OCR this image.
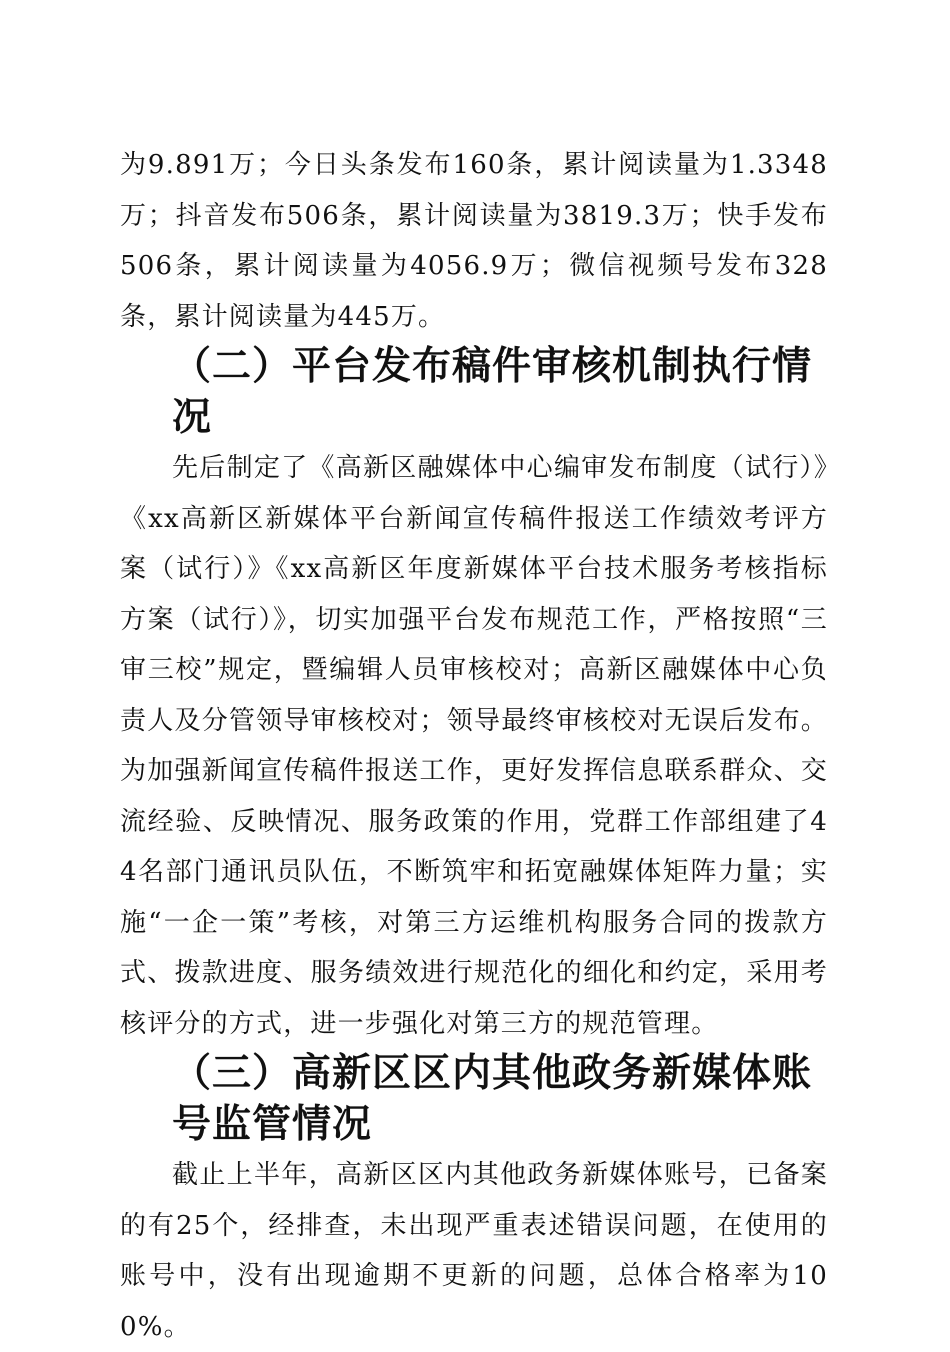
为9.891万；今日头条发布160条，累计阅读量为1.3348万；抖音发布506条，累计阅读量为3819.3万；快手发布506条，累计阅读量为4056.9万；微信视频号发布328条，累计阅读量为445万。

（二）平台发布稿件审核机制执行情况

先后制定了《高新区融媒体中心编审发布制度（试行）》《xx高新区新媒体平台新闻宣传稿件报送工作绩效考评方案（试行）》《xx高新区年度新媒体平台技术服务考核指标方案（试行）》，切实加强平台发布规范工作，严格按照“三审三校”规定，暨编辑人员审核校对；高新区融媒体中心负责人及分管领导审核校对；领导最终审核校对无误后发布。为加强新闻宣传稿件报送工作，更好发挥信息联系群众、交流经验、反映情况、服务政策的作用，党群工作部组建了44名部门通讯员队伍，不断筑牢和拓宽融媒体矩阵力量；实施“一企一策”考核，对第三方运维机构服务合同的拨款方式、拨款进度、服务绩效进行规范化的细化和约定，采用考核评分的方式，进一步强化对第三方的规范管理。

（三）高新区区内其他政务新媒体账号监管情况

截止上半年，高新区区内其他政务新媒体账号，已备案的有25个，经排查，未出现严重表述错误问题，在使用的账号中，没有出现逾期不更新的问题，总体合格率为100%。
